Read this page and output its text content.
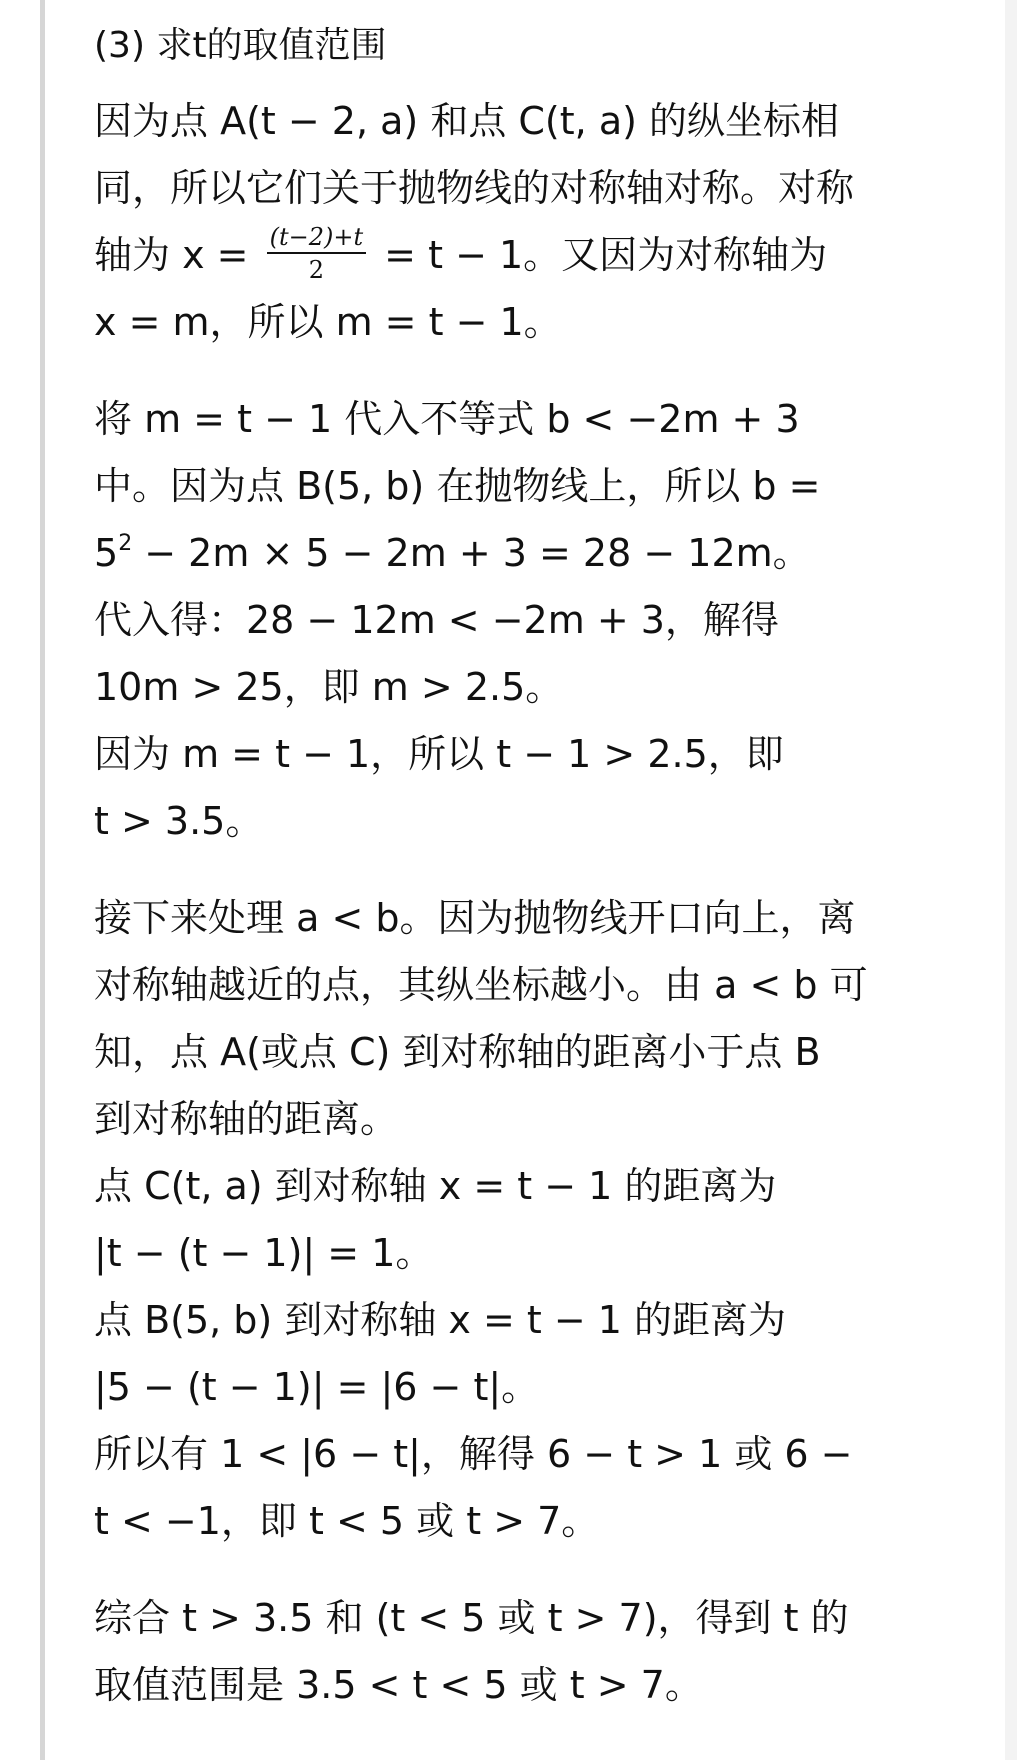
(3) 求t的取值范围
因为点 A(t − 2, a) 和点 C(t, a) 的纵坐标相
同，所以它们关于抛物线的对称轴对称。对称
轴为 $x = \frac{(t-2)+t}{2} = t - 1$。又因为对称轴为
x = m，所以 m = t − 1。
将 m = t − 1 代入不等式 b < −2m + 3
中。因为点 B(5, b) 在抛物线上，所以 b =
$5^2 - 2m \times 5 - 2m + 3 = 28 - 12m$。
代入得：28 − 12m < −2m + 3，解得
10m > 25，即 m > 2.5。
因为 m = t − 1，所以 t − 1 > 2.5，即
t > 3.5。
接下来处理 a < b。因为抛物线开口向上，离
对称轴越近的点，其纵坐标越小。由 a < b 可
知，点 A(或点 C) 到对称轴的距离小于点 B
到对称轴的距离。
点 C(t, a) 到对称轴 x = t − 1 的距离为
|t − (t − 1)| = 1。
点 B(5, b) 到对称轴 x = t − 1 的距离为
|5 − (t − 1)| = |6 − t|。
所以有 1 < |6 − t|，解得 6 − t > 1 或 6 −
t < −1，即 t < 5 或 t > 7。
综合 t > 3.5 和 (t < 5 或 t > 7)，得到 t 的
取值范围是 3.5 < t < 5 或 t > 7。
